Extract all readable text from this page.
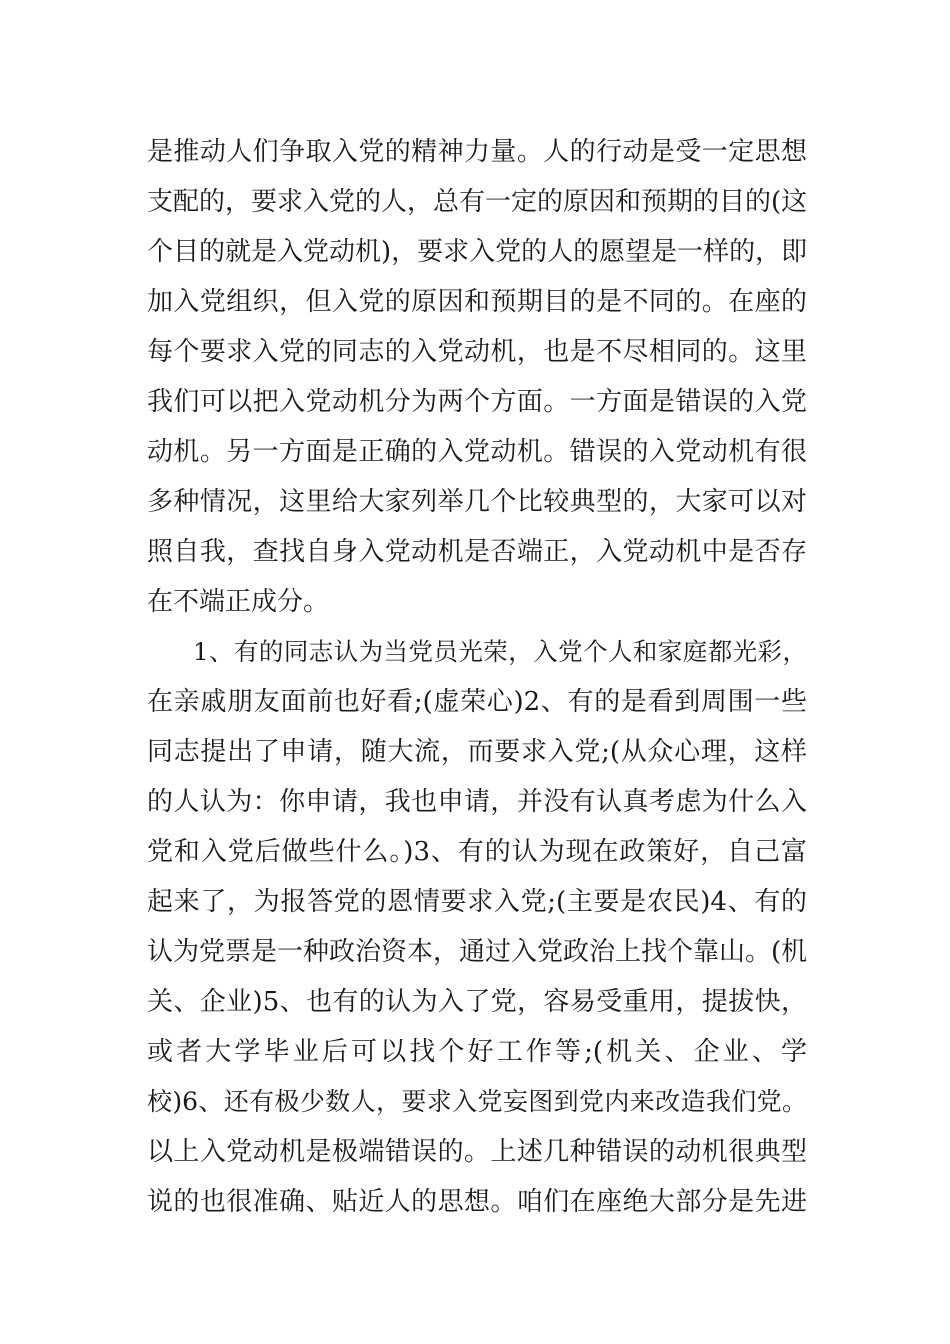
是推动人们争取入党的精神力量。人的行动是受一定思想
支配的，要求入党的人，总有一定的原因和预期的目的(这
个目的就是入党动机)，要求入党的人的愿望是一样的，即
加入党组织，但入党的原因和预期目的是不同的。在座的
每个要求入党的同志的入党动机，也是不尽相同的。这里
我们可以把入党动机分为两个方面。一方面是错误的入党
动机。另一方面是正确的入党动机。错误的入党动机有很
多种情况，这里给大家列举几个比较典型的，大家可以对
照自我，查找自身入党动机是否端正，入党动机中是否存
在不端正成分。
1、有的同志认为当党员光荣，入党个人和家庭都光彩，
在亲戚朋友面前也好看;(虚荣心)2、有的是看到周围一些
同志提出了申请，随大流，而要求入党;(从众心理，这样
的人认为：你申请，我也申请，并没有认真考虑为什么入
党和入党后做些什么。)3、有的认为现在政策好，自己富
起来了，为报答党的恩情要求入党;(主要是农民)4、有的
认为党票是一种政治资本，通过入党政治上找个靠山。(机
关、企业)5、也有的认为入了党，容易受重用，提拔快，
或者大学毕业后可以找个好工作等;(机关、企业、学
校)6、还有极少数人，要求入党妄图到党内来改造我们党。
以上入党动机是极端错误的。上述几种错误的动机很典型
说的也很准确、贴近人的思想。咱们在座绝大部分是先进
